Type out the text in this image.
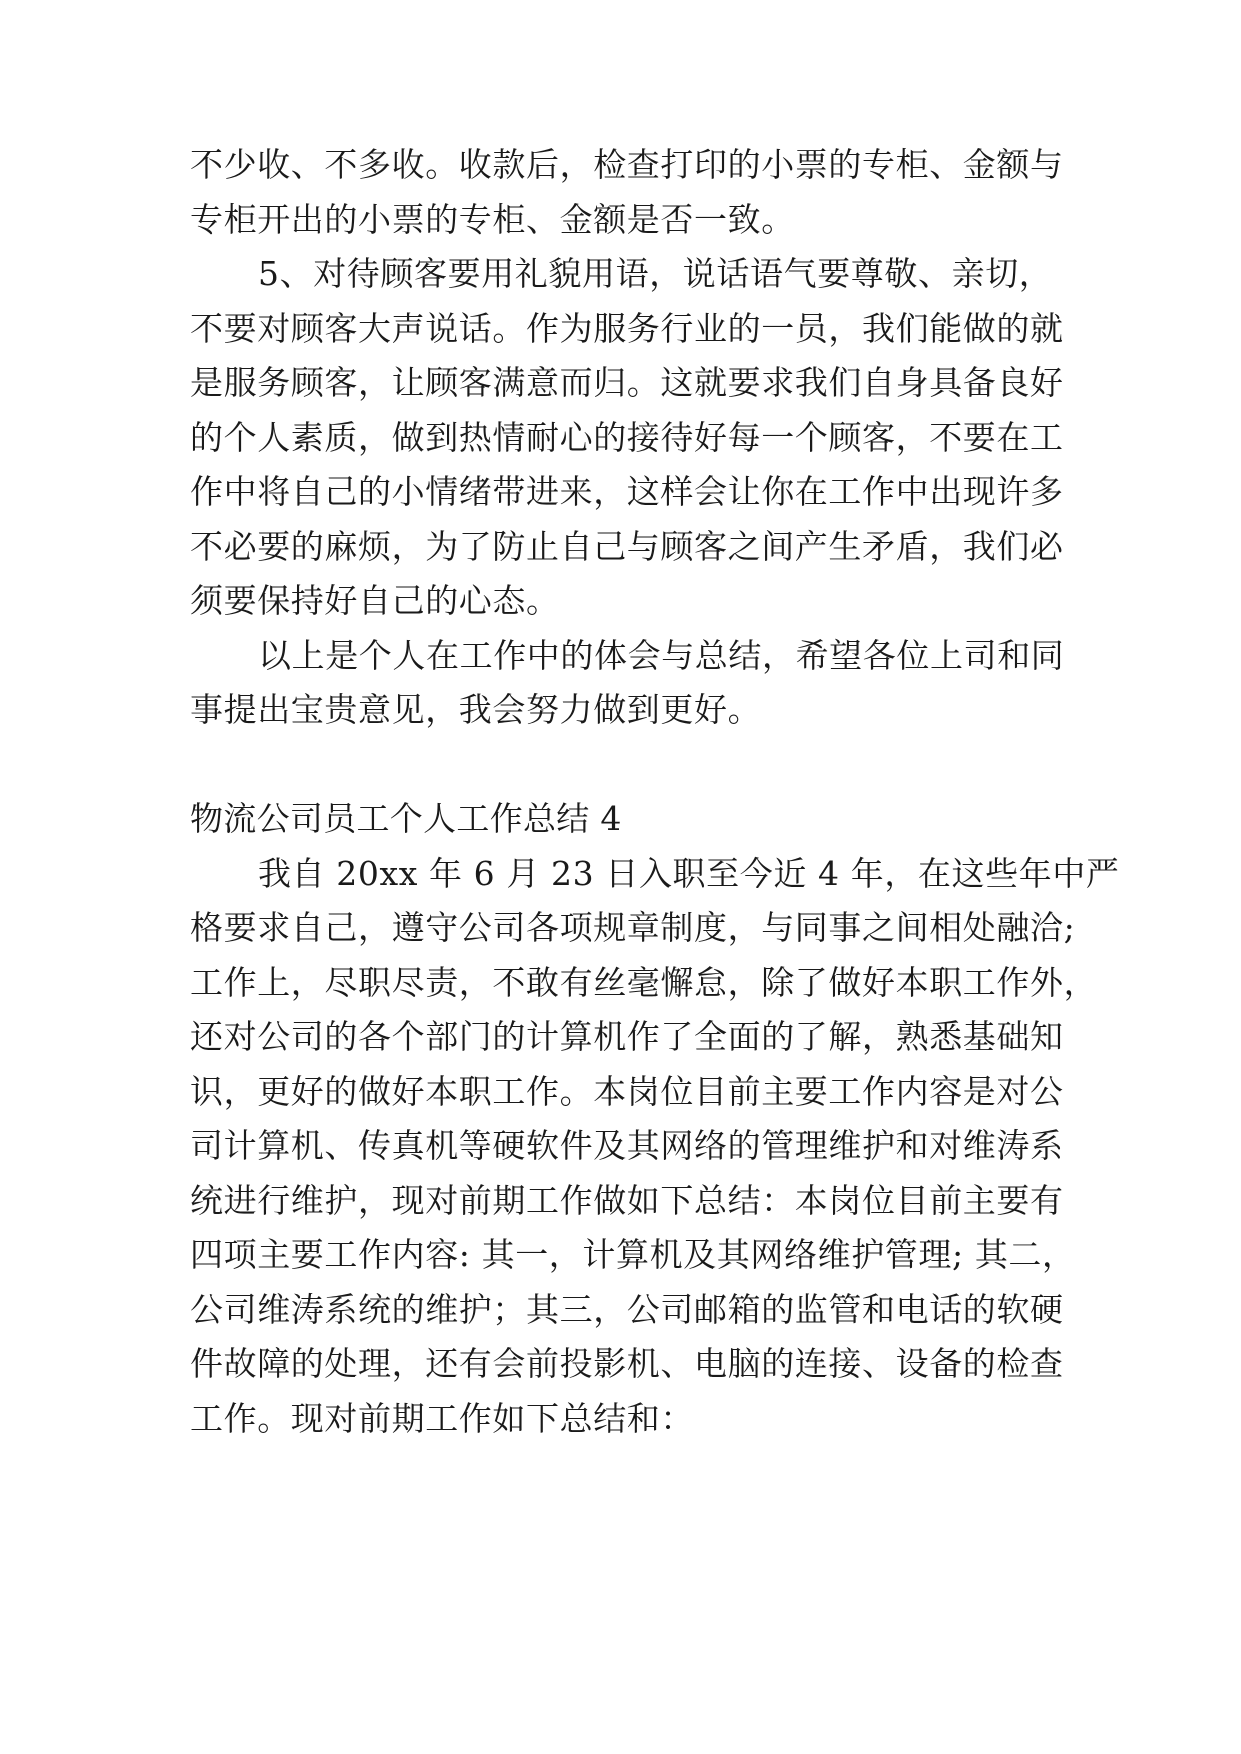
不少收、不多收。收款后，检查打印的小票的专柜、金额与
专柜开出的小票的专柜、金额是否一致。
5、对待顾客要用礼貌用语，说话语气要尊敬、亲切，
不要对顾客大声说话。作为服务行业的一员，我们能做的就
是服务顾客，让顾客满意而归。这就要求我们自身具备良好
的个人素质，做到热情耐心的接待好每一个顾客，不要在工
作中将自己的小情绪带进来，这样会让你在工作中出现许多
不必要的麻烦，为了防止自己与顾客之间产生矛盾，我们必
须要保持好自己的心态。
以上是个人在工作中的体会与总结，希望各位上司和同
事提出宝贵意见，我会努力做到更好。
物流公司员工个人工作总结 4
我自 20xx 年 6 月 23 日入职至今近 4 年，在这些年中严
格要求自己，遵守公司各项规章制度，与同事之间相处融洽;
工作上，尽职尽责，不敢有丝毫懈怠，除了做好本职工作外，
还对公司的各个部门的计算机作了全面的了解，熟悉基础知
识，更好的做好本职工作。本岗位目前主要工作内容是对公
司计算机、传真机等硬软件及其网络的管理维护和对维涛系
统进行维护，现对前期工作做如下总结：本岗位目前主要有
四项主要工作内容: 其一，计算机及其网络维护管理; 其二，
公司维涛系统的维护；其三，公司邮箱的监管和电话的软硬
件故障的处理，还有会前投影机、电脑的连接、设备的检查
工作。现对前期工作如下总结和：
